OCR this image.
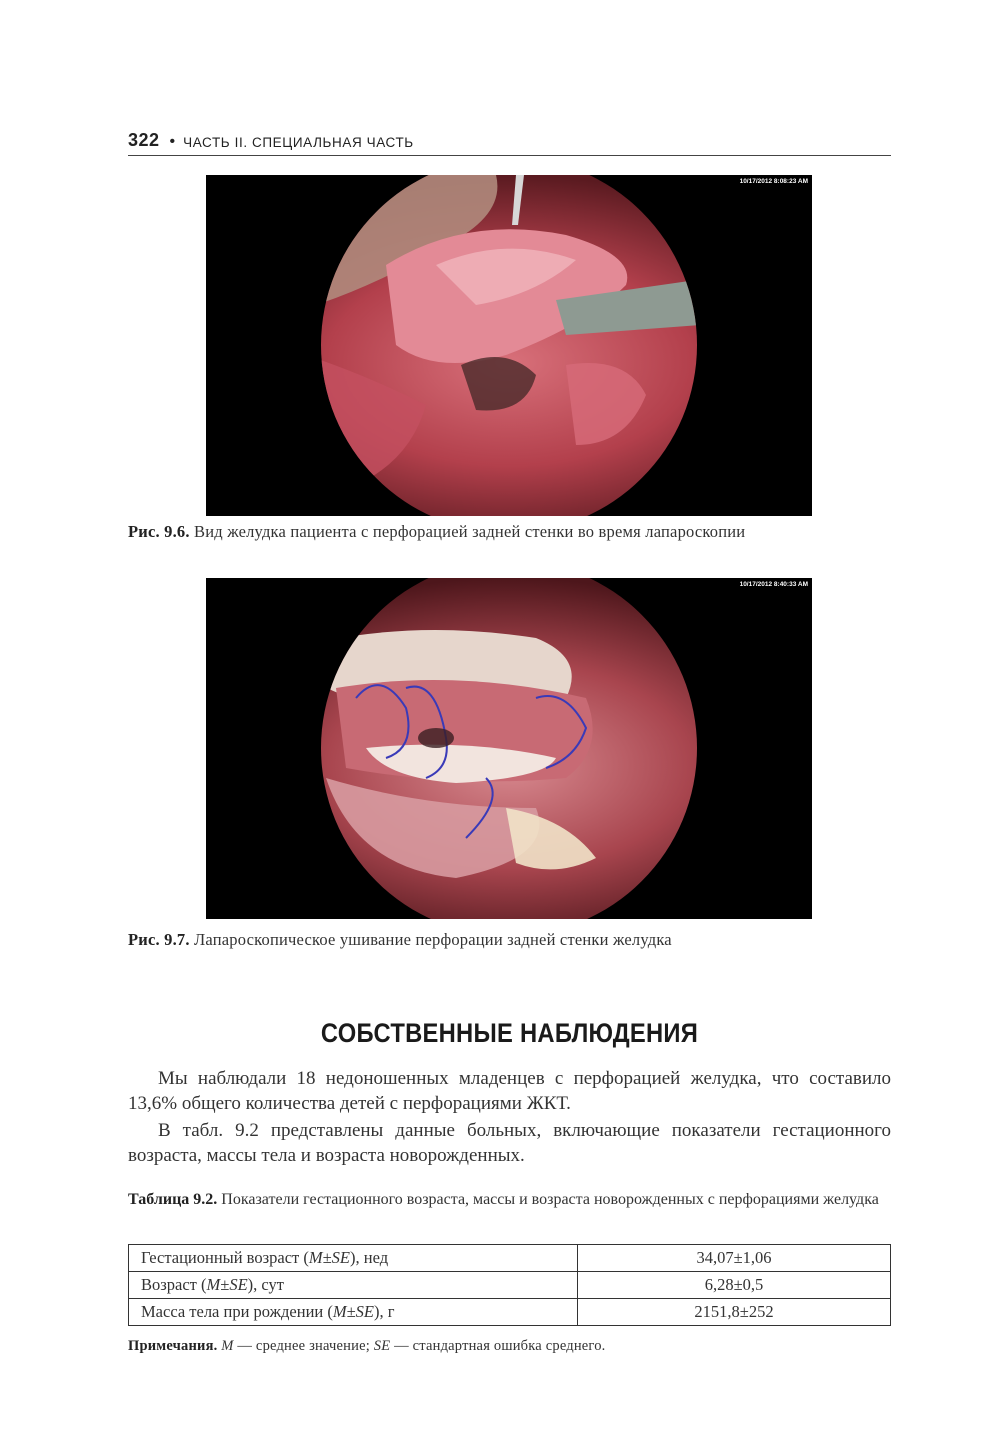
322 • ЧАСТЬ II. СПЕЦИАЛЬНАЯ ЧАСТЬ
10/17/2012 8:08:23 AM
Рис. 9.6. Вид желудка пациента с перфорацией задней стенки во время лапароскопии
10/17/2012 8:40:33 AM
Рис. 9.7. Лапароскопическое ушивание перфорации задней стенки желудка
СОБСТВЕННЫЕ НАБЛЮДЕНИЯ

Мы наблюдали 18 недоношенных младенцев с перфорацией желудка, что составило 13,6% общего количества детей с перфорациями ЖКТ.

В табл. 9.2 представлены данные больных, включающие показатели гестационного возраста, массы тела и возраста новорожденных.

Таблица 9.2. Показатели гестационного возраста, массы и возраста новорожденных с перфорациями желудка
Гестационный возраст (M±SE), нед	34,07±1,06
Возраст (M±SE), сут	6,28±0,5
Масса тела при рождении (M±SE), г	2151,8±252
Примечания. M — среднее значение; SE — стандартная ошибка среднего.
